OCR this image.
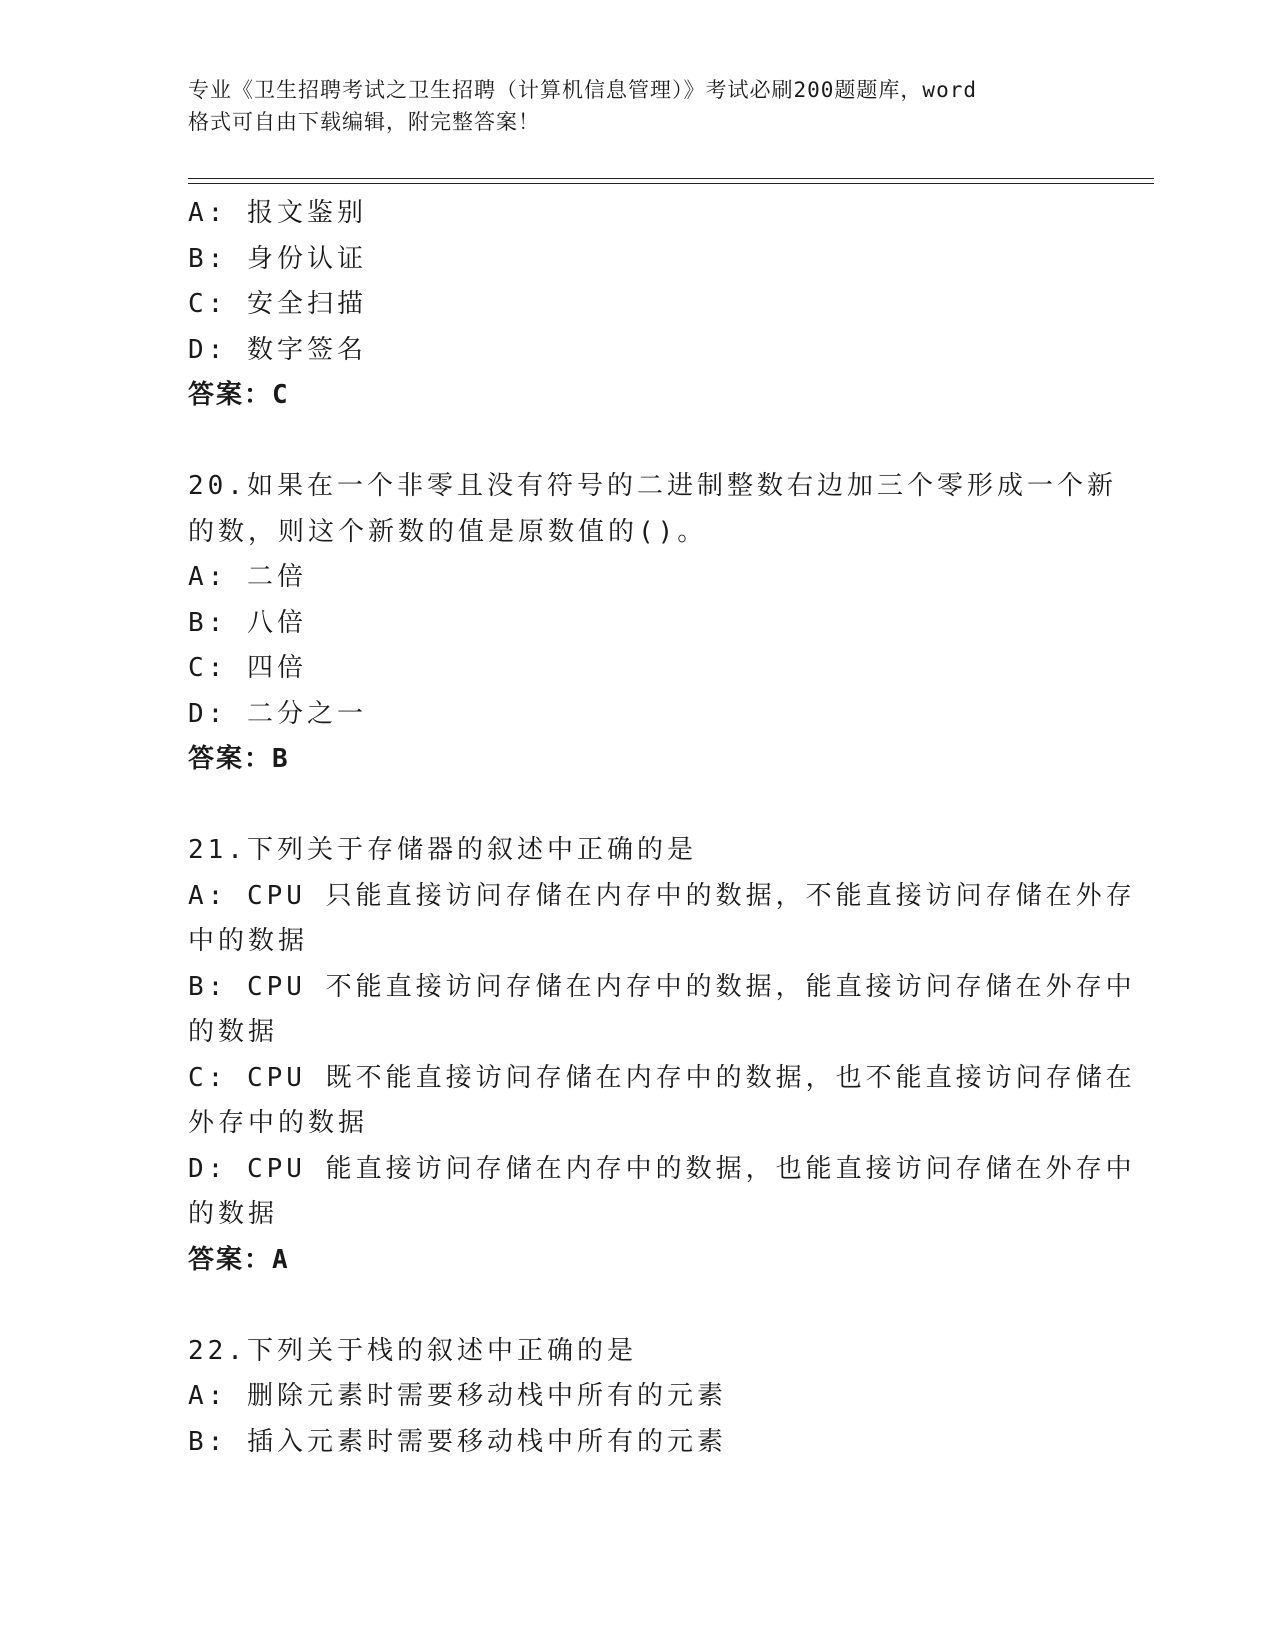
专业《卫生招聘考试之卫生招聘（计算机信息管理）》考试必刷200题题库，word
格式可自由下载编辑，附完整答案！
A: 报文鉴别
B: 身份认证
C: 安全扫描
D: 数字签名
答案：C
20.如果在一个非零且没有符号的二进制整数右边加三个零形成一个新
的数，则这个新数的值是原数值的()。
A: 二倍
B: 八倍
C: 四倍
D: 二分之一
答案：B
21.下列关于存储器的叙述中正确的是
A: CPU 只能直接访问存储在内存中的数据，不能直接访问存储在外存
中的数据
B: CPU 不能直接访问存储在内存中的数据，能直接访问存储在外存中
的数据
C: CPU 既不能直接访问存储在内存中的数据，也不能直接访问存储在
外存中的数据
D: CPU 能直接访问存储在内存中的数据，也能直接访问存储在外存中
的数据
答案：A
22.下列关于栈的叙述中正确的是
A: 删除元素时需要移动栈中所有的元素
B: 插入元素时需要移动栈中所有的元素
